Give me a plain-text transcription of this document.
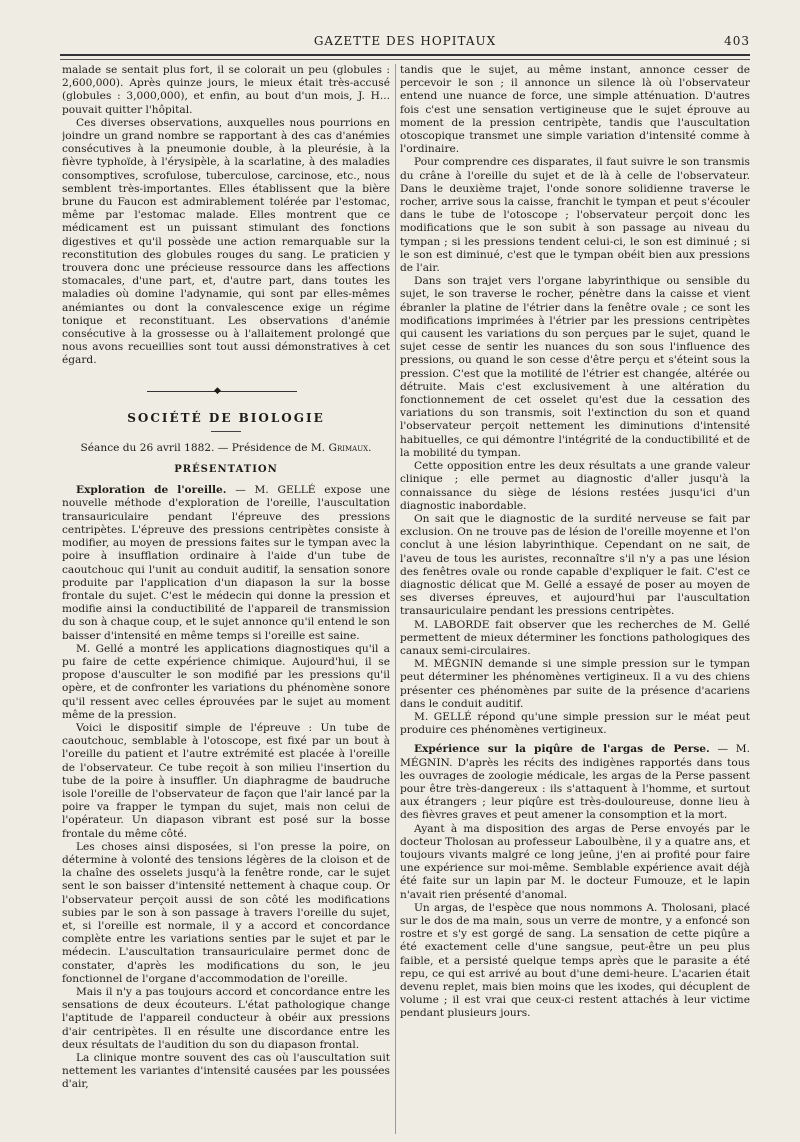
GAZETTE DES HOPITAUX	403

malade se sentait plus fort, il se colorait un peu (globules : 2,600,000). Après quinze jours, le mieux était très-accusé (globules : 3,000,000), et enfin, au bout d'un mois, J. H... pouvait quitter l'hôpital.

Ces diverses observations, auxquelles nous pourrions en joindre un grand nombre se rapportant à des cas d'anémies consécutives à la pneumonie double, à la pleurésie, à la fièvre typhoïde, à l'érysipèle, à la scarlatine, à des maladies consomptives, scrofulose, tuberculose, carcinose, etc., nous semblent très-importantes. Elles établissent que la bière brune du Faucon est admirablement tolérée par l'estomac, même par l'estomac malade. Elles montrent que ce médicament est un puissant stimulant des fonctions digestives et qu'il possède une action remarquable sur la reconstitution des globules rouges du sang. Le praticien y trouvera donc une précieuse ressource dans les affections stomacales, d'une part, et, d'autre part, dans toutes les maladies où domine l'adynamie, qui sont par elles-mêmes anémiantes ou dont la convalescence exige un régime tonique et reconstituant. Les observations d'anémie consécutive à la grossesse ou à l'allaitement prolongé que nous avons recueillies sont tout aussi démonstratives à cet égard.

◆
SOCIÉTÉ DE BIOLOGIE
Séance du 26 avril 1882. — Présidence de M. Grimaux.
PRÉSENTATION

Exploration de l'oreille. — M. GELLÉ expose une nouvelle méthode d'exploration de l'oreille, l'auscultation transauriculaire pendant l'épreuve des pressions centripètes. L'épreuve des pressions centripètes consiste à modifier, au moyen de pressions faites sur le tympan avec la poire à insufflation ordinaire à l'aide d'un tube de caoutchouc qui l'unit au conduit auditif, la sensation sonore produite par l'application d'un diapason la sur la bosse frontale du sujet. C'est le médecin qui donne la pression et modifie ainsi la conductibilité de l'appareil de transmission du son à chaque coup, et le sujet annonce qu'il entend le son baisser d'intensité en même temps si l'oreille est saine.

M. Gellé a montré les applications diagnostiques qu'il a pu faire de cette expérience chimique. Aujourd'hui, il se propose d'ausculter le son modifié par les pressions qu'il opère, et de confronter les variations du phénomène sonore qu'il ressent avec celles éprouvées par le sujet au moment même de la pression.

Voici le dispositif simple de l'épreuve : Un tube de caoutchouc, semblable à l'otoscope, est fixé par un bout à l'oreille du patient et l'autre extrémité est placée à l'oreille de l'observateur. Ce tube reçoit à son milieu l'insertion du tube de la poire à insuffler. Un diaphragme de baudruche isole l'oreille de l'observateur de façon que l'air lancé par la poire va frapper le tympan du sujet, mais non celui de l'opérateur. Un diapason vibrant est posé sur la bosse frontale du même côté.

Les choses ainsi disposées, si l'on presse la poire, on détermine à volonté des tensions légères de la cloison et de la chaîne des osselets jusqu'à la fenêtre ronde, car le sujet sent le son baisser d'intensité nettement à chaque coup. Or l'observateur perçoit aussi de son côté les modifications subies par le son à son passage à travers l'oreille du sujet, et, si l'oreille est normale, il y a accord et concordance complète entre les variations senties par le sujet et par le médecin. L'auscultation transauriculaire permet donc de constater, d'après les modifications du son, le jeu fonctionnel de l'organe d'accommodation de l'oreille.

Mais il n'y a pas toujours accord et concordance entre les sensations de deux écouteurs. L'état pathologique change l'aptitude de l'appareil conducteur à obéir aux pressions d'air centripètes. Il en résulte une discordance entre les deux résultats de l'audition du son du diapason frontal.

La clinique montre souvent des cas où l'auscultation suit nettement les variantes d'intensité causées par les poussées d'air,

tandis que le sujet, au même instant, annonce cesser de percevoir le son ; il annonce un silence là où l'observateur entend une nuance de force, une simple atténuation. D'autres fois c'est une sensation vertigineuse que le sujet éprouve au moment de la pression centripète, tandis que l'auscultation otoscopique transmet une simple variation d'intensité comme à l'ordinaire.

Pour comprendre ces disparates, il faut suivre le son transmis du crâne à l'oreille du sujet et de là à celle de l'observateur. Dans le deuxième trajet, l'onde sonore solidienne traverse le rocher, arrive sous la caisse, franchit le tympan et peut s'écouler dans le tube de l'otoscope ; l'observateur perçoit donc les modifications que le son subit à son passage au niveau du tympan ; si les pressions tendent celui-ci, le son est diminué ; si le son est diminué, c'est que le tympan obéit bien aux pressions de l'air.

Dans son trajet vers l'organe labyrinthique ou sensible du sujet, le son traverse le rocher, pénètre dans la caisse et vient ébranler la platine de l'étrier dans la fenêtre ovale ; ce sont les modifications imprimées à l'étrier par les pressions centripètes qui causent les variations du son perçues par le sujet, quand le sujet cesse de sentir les nuances du son sous l'influence des pressions, ou quand le son cesse d'être perçu et s'éteint sous la pression. C'est que la motilité de l'étrier est changée, altérée ou détruite. Mais c'est exclusivement à une altération du fonctionnement de cet osselet qu'est due la cessation des variations du son transmis, soit l'extinction du son et quand l'observateur perçoit nettement les diminutions d'intensité habituelles, ce qui démontre l'intégrité de la conductibilité et de la mobilité du tympan.

Cette opposition entre les deux résultats a une grande valeur clinique ; elle permet au diagnostic d'aller jusqu'à la connaissance du siège de lésions restées jusqu'ici d'un diagnostic inabordable.

On sait que le diagnostic de la surdité nerveuse se fait par exclusion. On ne trouve pas de lésion de l'oreille moyenne et l'on conclut à une lésion labyrinthique. Cependant on ne sait, de l'aveu de tous les auristes, reconnaître s'il n'y a pas une lésion des fenêtres ovale ou ronde capable d'expliquer le fait. C'est ce diagnostic délicat que M. Gellé a essayé de poser au moyen de ses diverses épreuves, et aujourd'hui par l'auscultation transauriculaire pendant les pressions centripètes.

M. LABORDE fait observer que les recherches de M. Gellé permettent de mieux déterminer les fonctions pathologiques des canaux semi-circulaires.

M. MÉGNIN demande si une simple pression sur le tympan peut déterminer les phénomènes vertigineux. Il a vu des chiens présenter ces phénomènes par suite de la présence d'acariens dans le conduit auditif.

M. GELLÉ répond qu'une simple pression sur le méat peut produire ces phénomènes vertigineux.

Expérience sur la piqûre de l'argas de Perse. — M. MÉGNIN. D'après les récits des indigènes rapportés dans tous les ouvrages de zoologie médicale, les argas de la Perse passent pour être très-dangereux : ils s'attaquent à l'homme, et surtout aux étrangers ; leur piqûre est très-douloureuse, donne lieu à des fièvres graves et peut amener la consomption et la mort.

Ayant à ma disposition des argas de Perse envoyés par le docteur Tholosan au professeur Laboulbène, il y a quatre ans, et toujours vivants malgré ce long jeûne, j'en ai profité pour faire une expérience sur moi-même. Semblable expérience avait déjà été faite sur un lapin par M. le docteur Fumouze, et le lapin n'avait rien présenté d'anomal.

Un argas, de l'espèce que nous nommons A. Tholosani, placé sur le dos de ma main, sous un verre de montre, y a enfoncé son rostre et s'y est gorgé de sang. La sensation de cette piqûre a été exactement celle d'une sangsue, peut-être un peu plus faible, et a persisté quelque temps après que le parasite a été repu, ce qui est arrivé au bout d'une demi-heure. L'acarien était devenu replet, mais bien moins que les ixodes, qui décuplent de volume ; il est vrai que ceux-ci restent attachés à leur victime pendant plusieurs jours.
